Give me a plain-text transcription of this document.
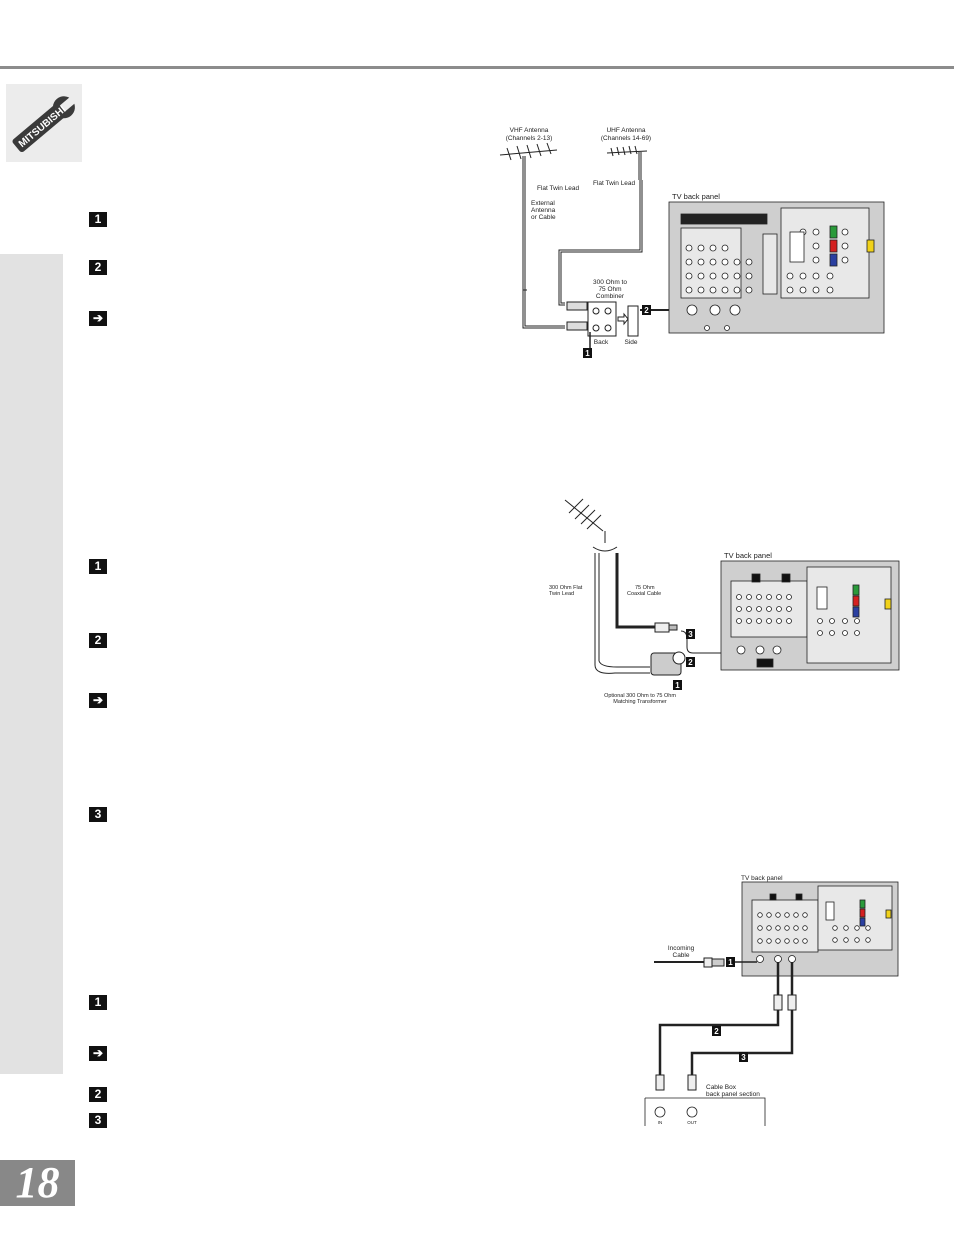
MITSUBISHI
1
2
➔
1
2
➔
3
1
➔
2
3
18
VHF Antenna
(Channels 2-13)
UHF Antenna
(Channels 14-69)
Flat Twin Lead
Flat Twin Lead
External
Antenna
or Cable
300 Ohm to
75 Ohm
Combiner
Back	Side
1
2
TV back panel
300 Ohm Flat
Twin Lead
75 Ohm
Coaxial Cable
1
Optional 300 Ohm to 75 Ohm
Matching Transformer
3
2
TV back panel
TV back panel
Incoming
Cable
1
2
3
Cable Box
back panel section
IN	OUT
